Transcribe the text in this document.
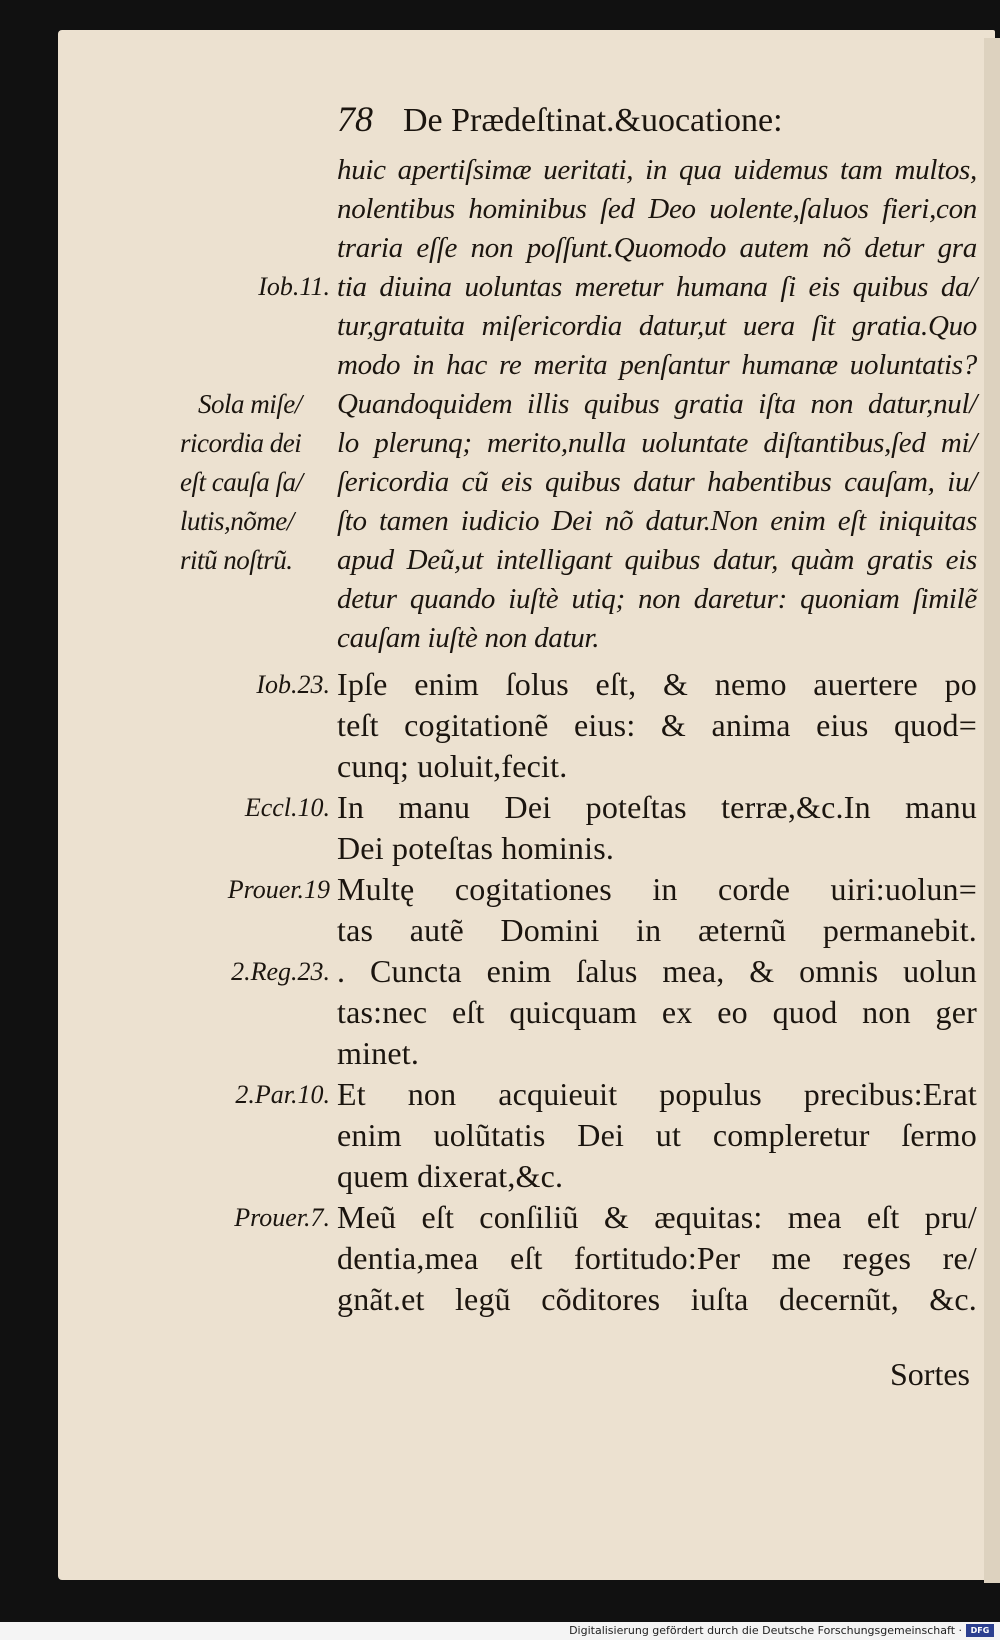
78 De Prædeſtinat.&uocatione:
huic apertiſsimæ ueritati, in qua uidemus tam multos,
nolentibus hominibus ſed Deo uolente,ſaluos fieri,con
traria eſſe non poſſunt.Quomodo autem nõ detur gra
tia diuina uoluntas meretur humana ſi eis quibus da/
tur,gratuita miſericordia datur,ut uera ſit gratia.Quo
modo in hac re merita penſantur humanæ uoluntatis?
Quandoquidem illis quibus gratia iſta non datur,nul/
lo plerunq; merito,nulla uoluntate diſtantibus,ſed mi/
ſericordia cũ eis quibus datur habentibus cauſam, iu/
ſto tamen iudicio Dei nõ datur.Non enim eſt iniquitas
apud Deũ,ut intelligant quibus datur, quàm gratis eis
detur quando iuſtè utiq; non daretur: quoniam ſimilẽ
cauſam iuſtè non datur.
Ipſe enim ſolus eſt, & nemo auertere po
teſt cogitationẽ eius: & anima eius quod=
cunq; uoluit,fecit.
In manu Dei poteſtas terræ,&c.In manu
Dei poteſtas hominis.
Multę cogitationes in corde uiri:uolun=
tas autẽ Domini in æternũ permanebit.
. Cuncta enim ſalus mea, & omnis uolun
tas:nec eſt quicquam ex eo quod non ger
minet.
Et non acquieuit populus precibus:Erat
enim uolũtatis Dei ut compleretur ſermo
quem dixerat,&c.
Meũ eſt conſiliũ & æquitas: mea eſt pru/
dentia,mea eſt fortitudo:Per me reges re/
gnãt.et legũ cõditores iuſta decernũt, &c.
Sortes
Iob.11.
Iob.23.
Eccl.10.
Prouer.19
2.Reg.23.
2.Par.10.
Prouer.7.
Sola miſe/
ricordia dei
eſt cauſa ſa/
lutis,nõme/
ritũ noſtrũ.
Digitalisierung gefördert durch die Deutsche Forschungsgemeinschaft ·	DFG
